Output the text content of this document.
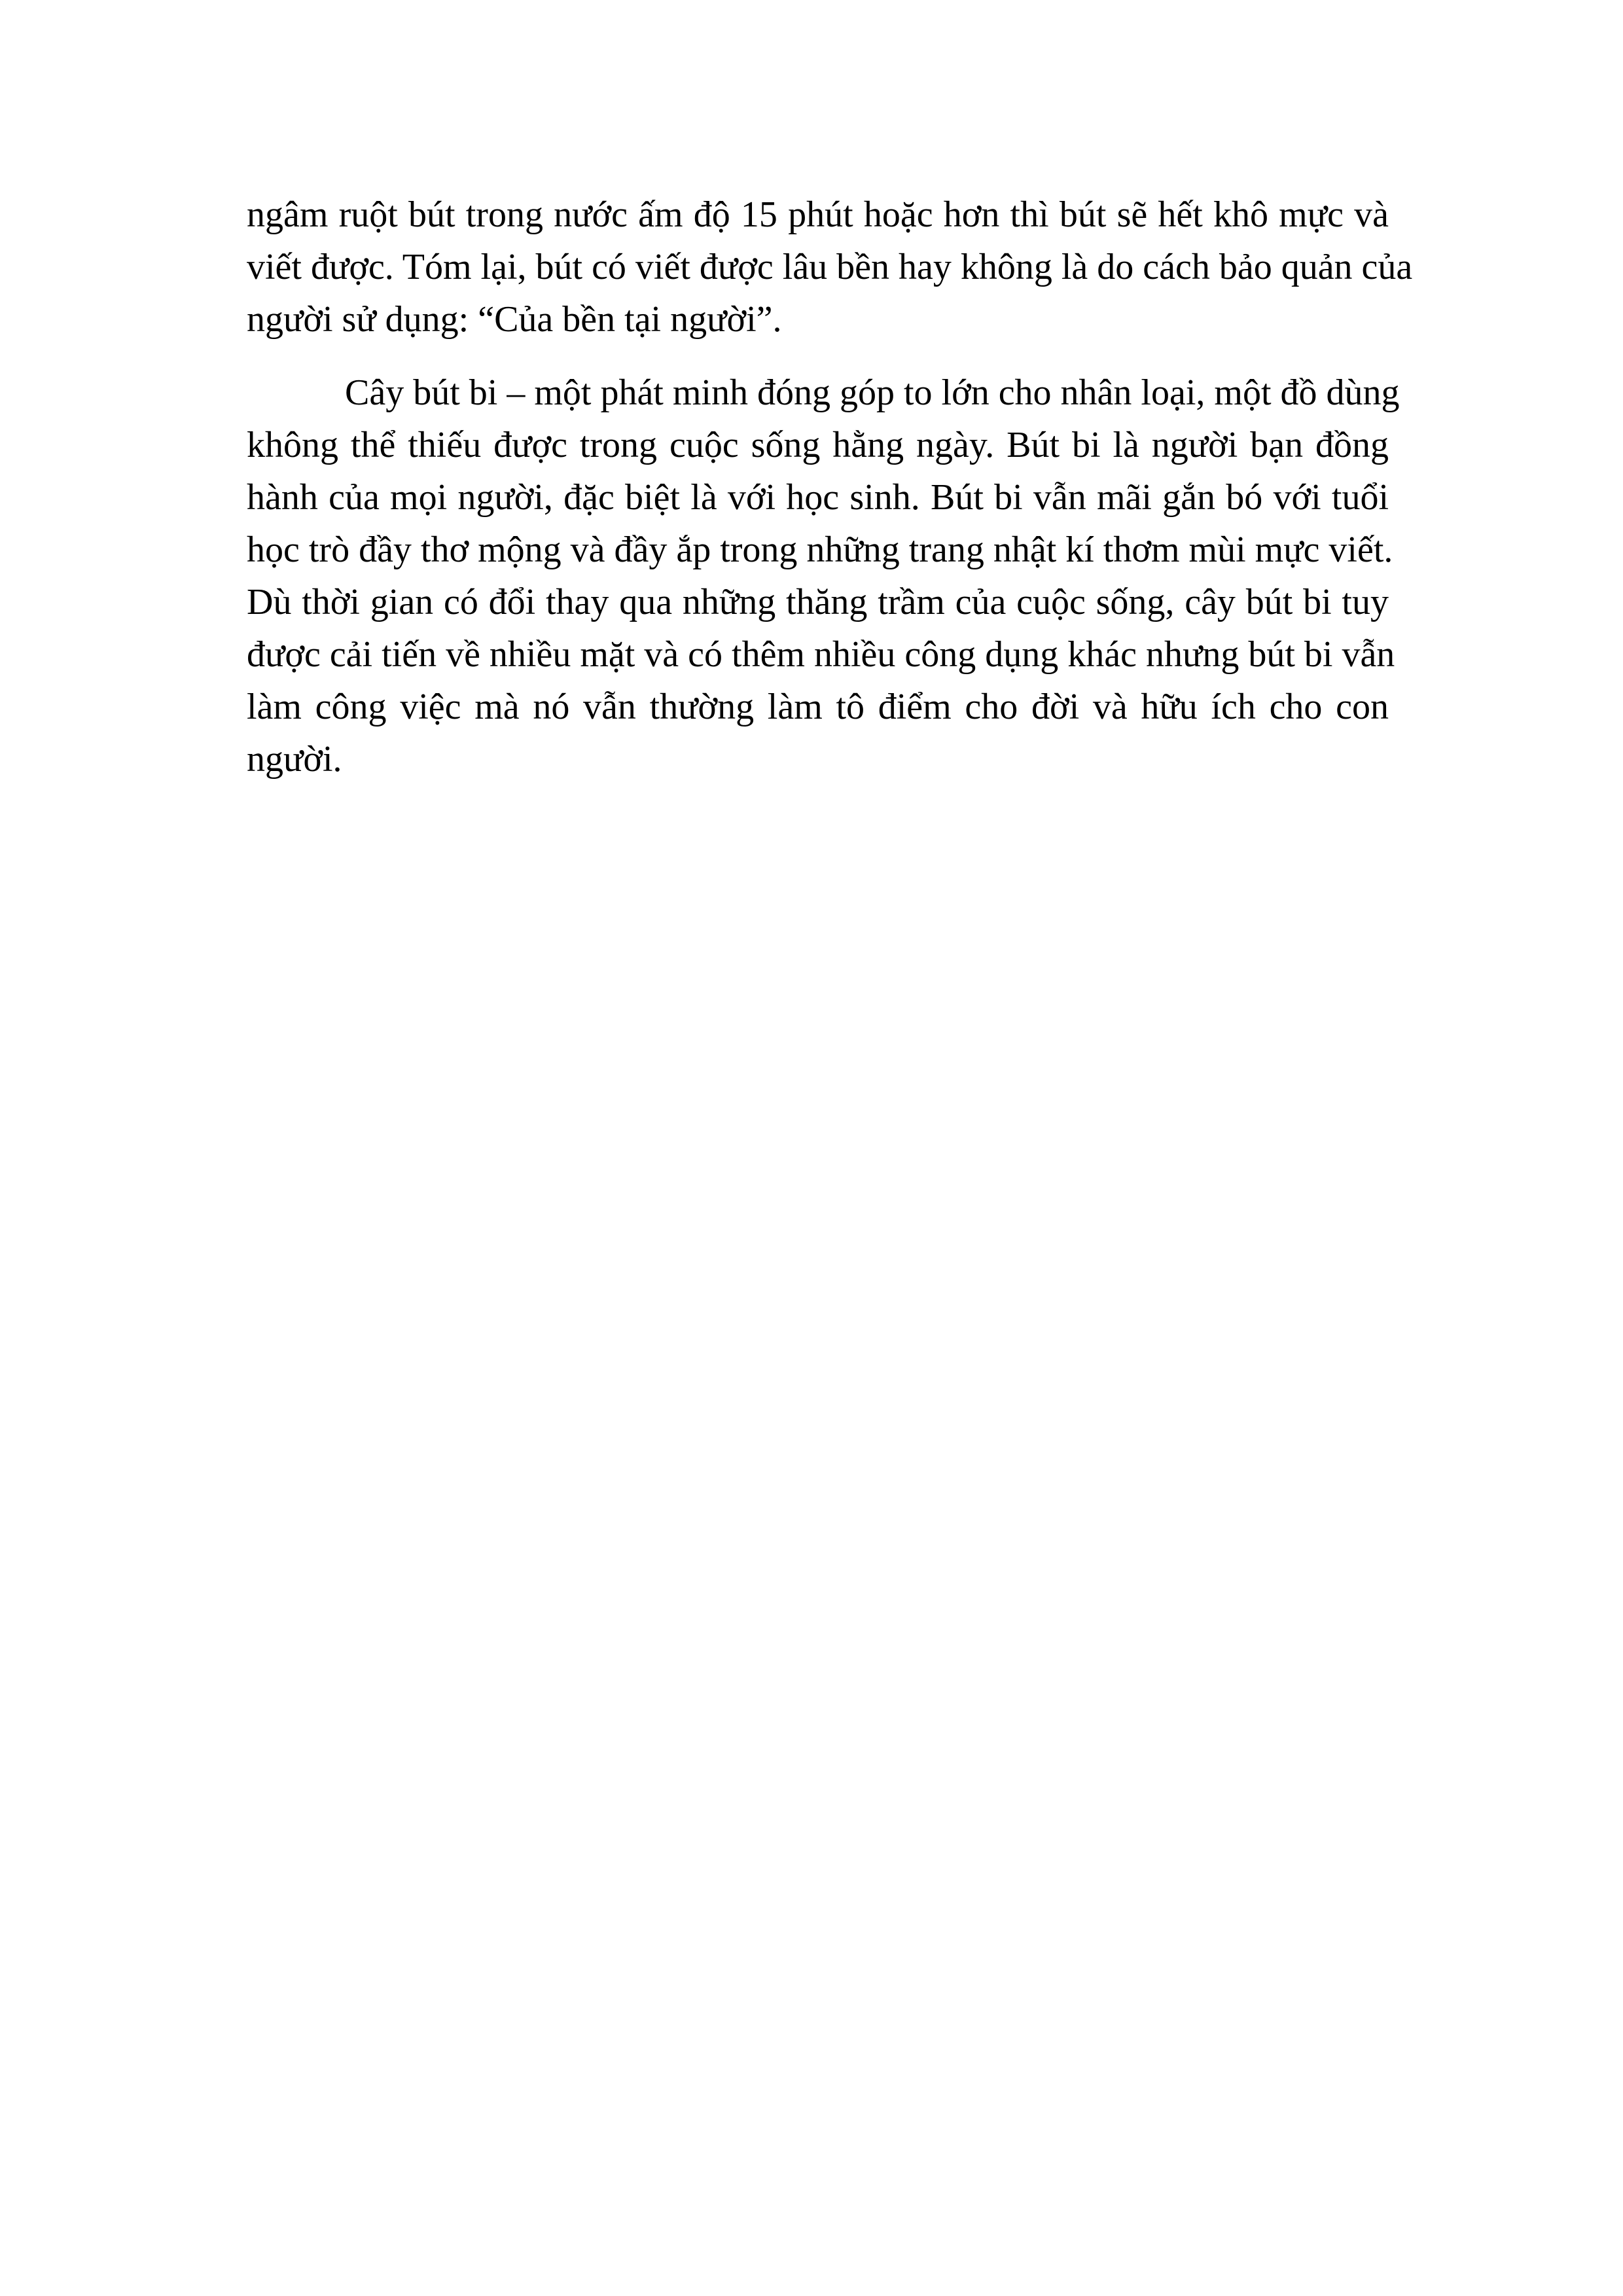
ngâm ruột bút trong nước ấm độ 15 phút hoặc hơn thì bút sẽ hết khô mực và
viết được. Tóm lại, bút có viết được lâu bền hay không là do cách bảo quản của
người sử dụng: “Của bền tại người”.
Cây bút bi – một phát minh đóng góp to lớn cho nhân loại, một đồ dùng
không thể thiếu được trong cuộc sống hằng ngày. Bút bi là người bạn đồng
hành của mọi người, đặc biệt là với học sinh. Bút bi vẫn mãi gắn bó với tuổi
học trò đầy thơ mộng và đầy ắp trong những trang nhật kí thơm mùi mực viết.
Dù thời gian có đổi thay qua những thăng trầm của cuộc sống, cây bút bi tuy
được cải tiến về nhiều mặt và có thêm nhiều công dụng khác nhưng bút bi vẫn
làm công việc mà nó vẫn thường làm tô điểm cho đời và hữu ích cho con
người.
